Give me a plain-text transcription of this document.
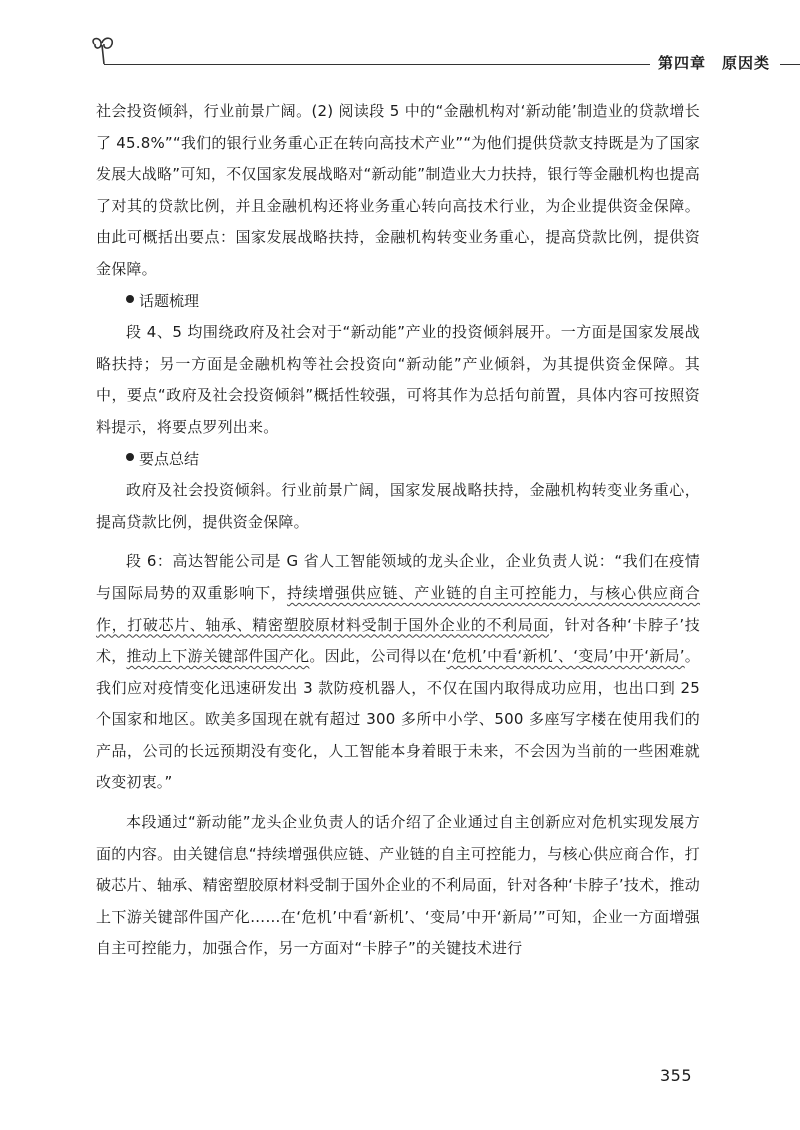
第四章　原因类

社会投资倾斜，行业前景广阔。(2) 阅读段 5 中的“金融机构对‘新动能’制造业的贷款增长了 45.8%”“我们的银行业务重心正在转向高技术产业”“为他们提供贷款支持既是为了国家发展大战略”可知，不仅国家发展战略对“新动能”制造业大力扶持，银行等金融机构也提高了对其的贷款比例，并且金融机构还将业务重心转向高技术行业，为企业提供资金保障。由此可概括出要点：国家发展战略扶持，金融机构转变业务重心，提高贷款比例，提供资金保障。

话题梳理

段 4、5 均围绕政府及社会对于“新动能”产业的投资倾斜展开。一方面是国家发展战略扶持；另一方面是金融机构等社会投资向“新动能”产业倾斜，为其提供资金保障。其中，要点“政府及社会投资倾斜”概括性较强，可将其作为总括句前置，具体内容可按照资料提示，将要点罗列出来。

要点总结

政府及社会投资倾斜。行业前景广阔，国家发展战略扶持，金融机构转变业务重心，提高贷款比例，提供资金保障。

段 6：高达智能公司是 G 省人工智能领域的龙头企业，企业负责人说：“我们在疫情与国际局势的双重影响下，持续增强供应链、产业链的自主可控能力，与核心供应商合作，打破芯片、轴承、精密塑胶原材料受制于国外企业的不利局面，针对各种‘卡脖子’技术，推动上下游关键部件国产化。因此，公司得以在‘危机’中看‘新机’、‘变局’中开‘新局’。我们应对疫情变化迅速研发出 3 款防疫机器人，不仅在国内取得成功应用，也出口到 25 个国家和地区。欧美多国现在就有超过 300 多所中小学、500 多座写字楼在使用我们的产品，公司的长远预期没有变化，人工智能本身着眼于未来，不会因为当前的一些困难就改变初衷。”

本段通过“新动能”龙头企业负责人的话介绍了企业通过自主创新应对危机实现发展方面的内容。由关键信息“持续增强供应链、产业链的自主可控能力，与核心供应商合作，打破芯片、轴承、精密塑胶原材料受制于国外企业的不利局面，针对各种‘卡脖子’技术，推动上下游关键部件国产化……在‘危机’中看‘新机’、‘变局’中开‘新局’”可知，企业一方面增强自主可控能力，加强合作，另一方面对“卡脖子”的关键技术进行

355
